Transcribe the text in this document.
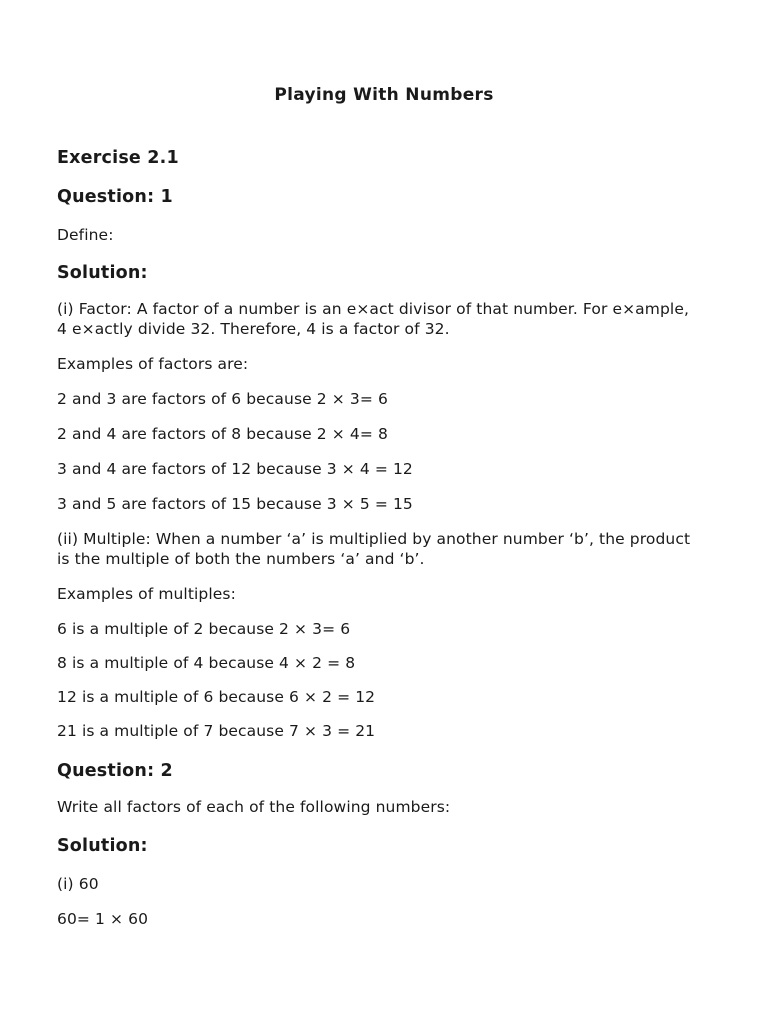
Playing With Numbers
Exercise 2.1
Question: 1

Define:

Solution:

(i) Factor: A factor of a number is an e×act divisor of that number. For e×ample,

4 e×actly divide 32. Therefore, 4 is a factor of 32.

Examples of factors are:

2 and 3 are factors of 6 because 2 × 3= 6

2 and 4 are factors of 8 because 2 × 4= 8

3 and 4 are factors of 12 because 3 × 4 = 12

3 and 5 are factors of 15 because 3 × 5 = 15

(ii) Multiple: When a number ‘a’ is multiplied by another number ‘b’, the product

is the multiple of both the numbers ‘a’ and ‘b’.

Examples of multiples:

6 is a multiple of 2 because 2 × 3= 6

8 is a multiple of 4 because 4 × 2 = 8

12 is a multiple of 6 because 6 × 2 = 12

21 is a multiple of 7 because 7 × 3 = 21

Question: 2

Write all factors of each of the following numbers:

Solution:

(i) 60

60= 1 × 60
